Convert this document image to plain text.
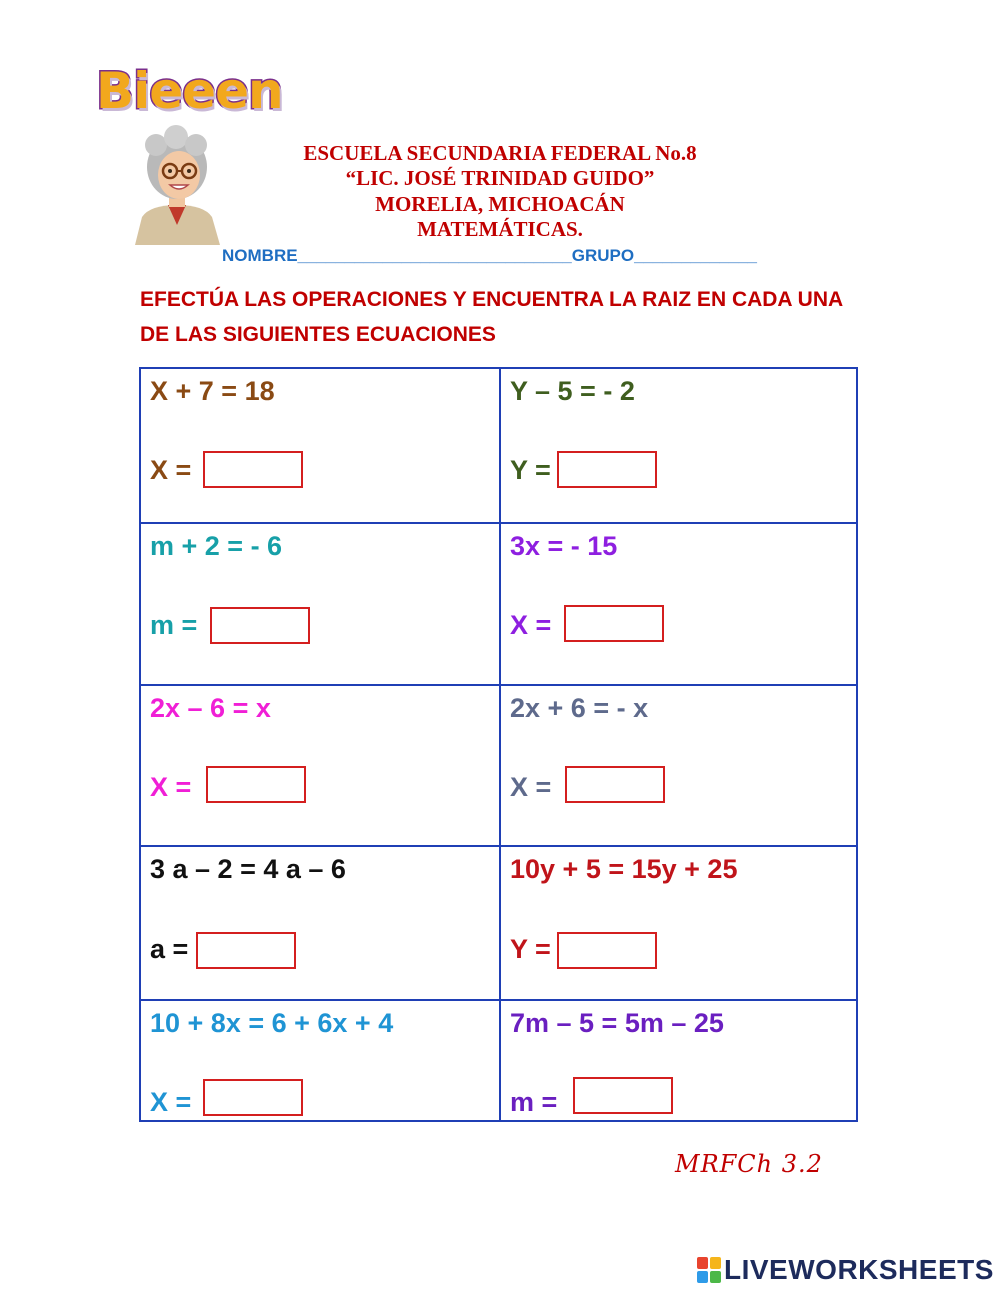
Bieeen
ESCUELA SECUNDARIA FEDERAL No.8
“LIC. JOSÉ TRINIDAD GUIDO”
MORELIA, MICHOACÁN
MATEMÁTICAS.
NOMBRE_____________________________GRUPO_____________
EFECTÚA LAS OPERACIONES Y ENCUENTRA LA RAIZ EN CADA UNA
DE LAS SIGUIENTES ECUACIONES
X + 7 = 18
X =
Y – 5 = - 2
Y =
m + 2 = - 6
m =
3x = - 15
X =
2x – 6 = x
X =
2x + 6 = - x
X =
3 a – 2 = 4 a – 6
a =
10y + 5 = 15y + 25
Y =
10 + 8x = 6 + 6x + 4
X =
7m – 5 = 5m – 25
m =
MRFCh 3.2
LIVEWORKSHEETS
